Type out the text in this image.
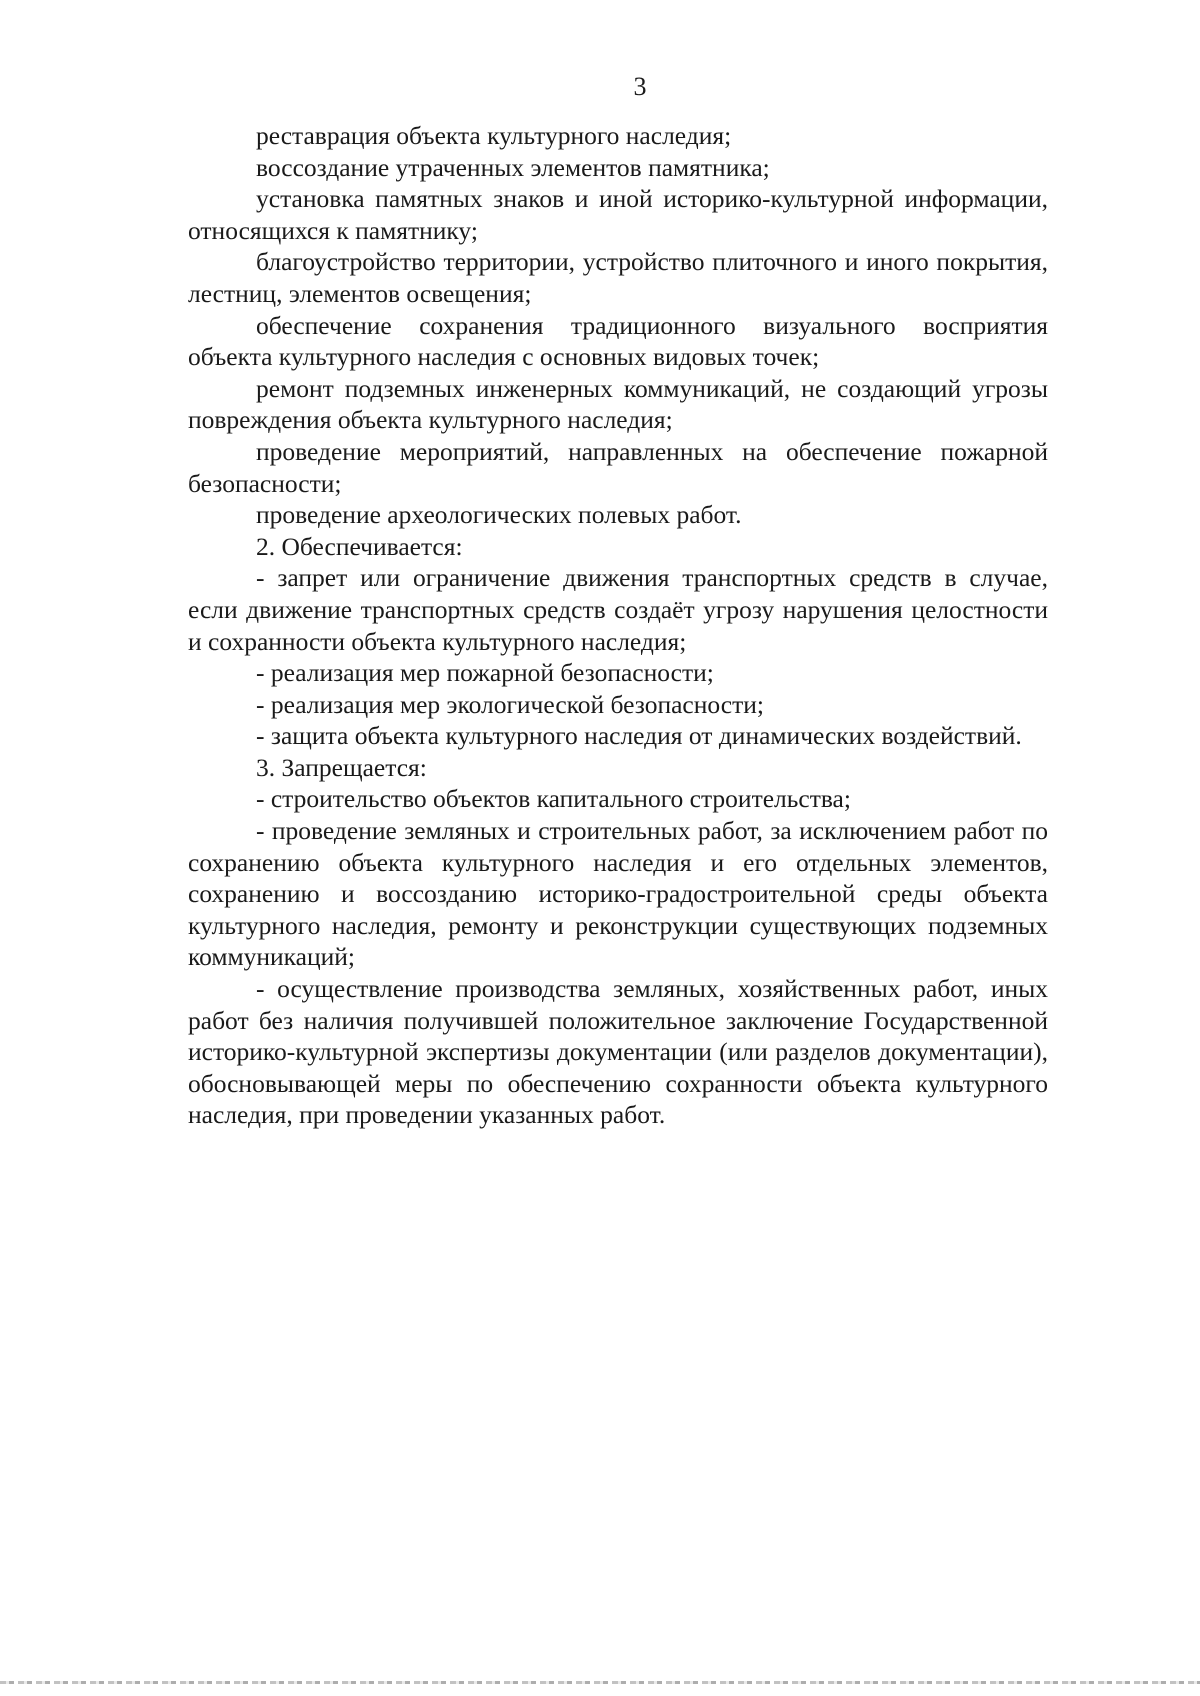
3

реставрация объекта культурного наследия;

воссоздание утраченных элементов памятника;

установка памятных знаков и иной историко-культурной информации, относящихся к памятнику;

благоустройство территории, устройство плиточного и иного покрытия, лестниц, элементов освещения;

обеспечение сохранения традиционного визуального восприятия объекта культурного наследия с основных видовых точек;

ремонт подземных инженерных коммуникаций, не создающий угрозы повреждения объекта культурного наследия;

проведение мероприятий, направленных на обеспечение пожарной безопасности;

проведение археологических полевых работ.

2. Обеспечивается:

- запрет или ограничение движения транспортных средств в случае, если движение транспортных средств создаёт угрозу нарушения целостности и сохранности объекта культурного наследия;

- реализация мер пожарной безопасности;

- реализация мер экологической безопасности;

- защита объекта культурного наследия от динамических воздействий.

3. Запрещается:

- строительство объектов капитального строительства;

- проведение земляных и строительных работ, за исключением работ по сохранению объекта культурного наследия и его отдельных элементов, сохранению и воссозданию историко-градостроительной среды объекта культурного наследия, ремонту и реконструкции существующих подземных коммуникаций;

- осуществление производства земляных, хозяйственных работ, иных работ без наличия получившей положительное заключение Государственной историко-культурной экспертизы документации (или разделов документации), обосновывающей меры по обеспечению сохранности объекта культурного наследия, при проведении указанных работ.
